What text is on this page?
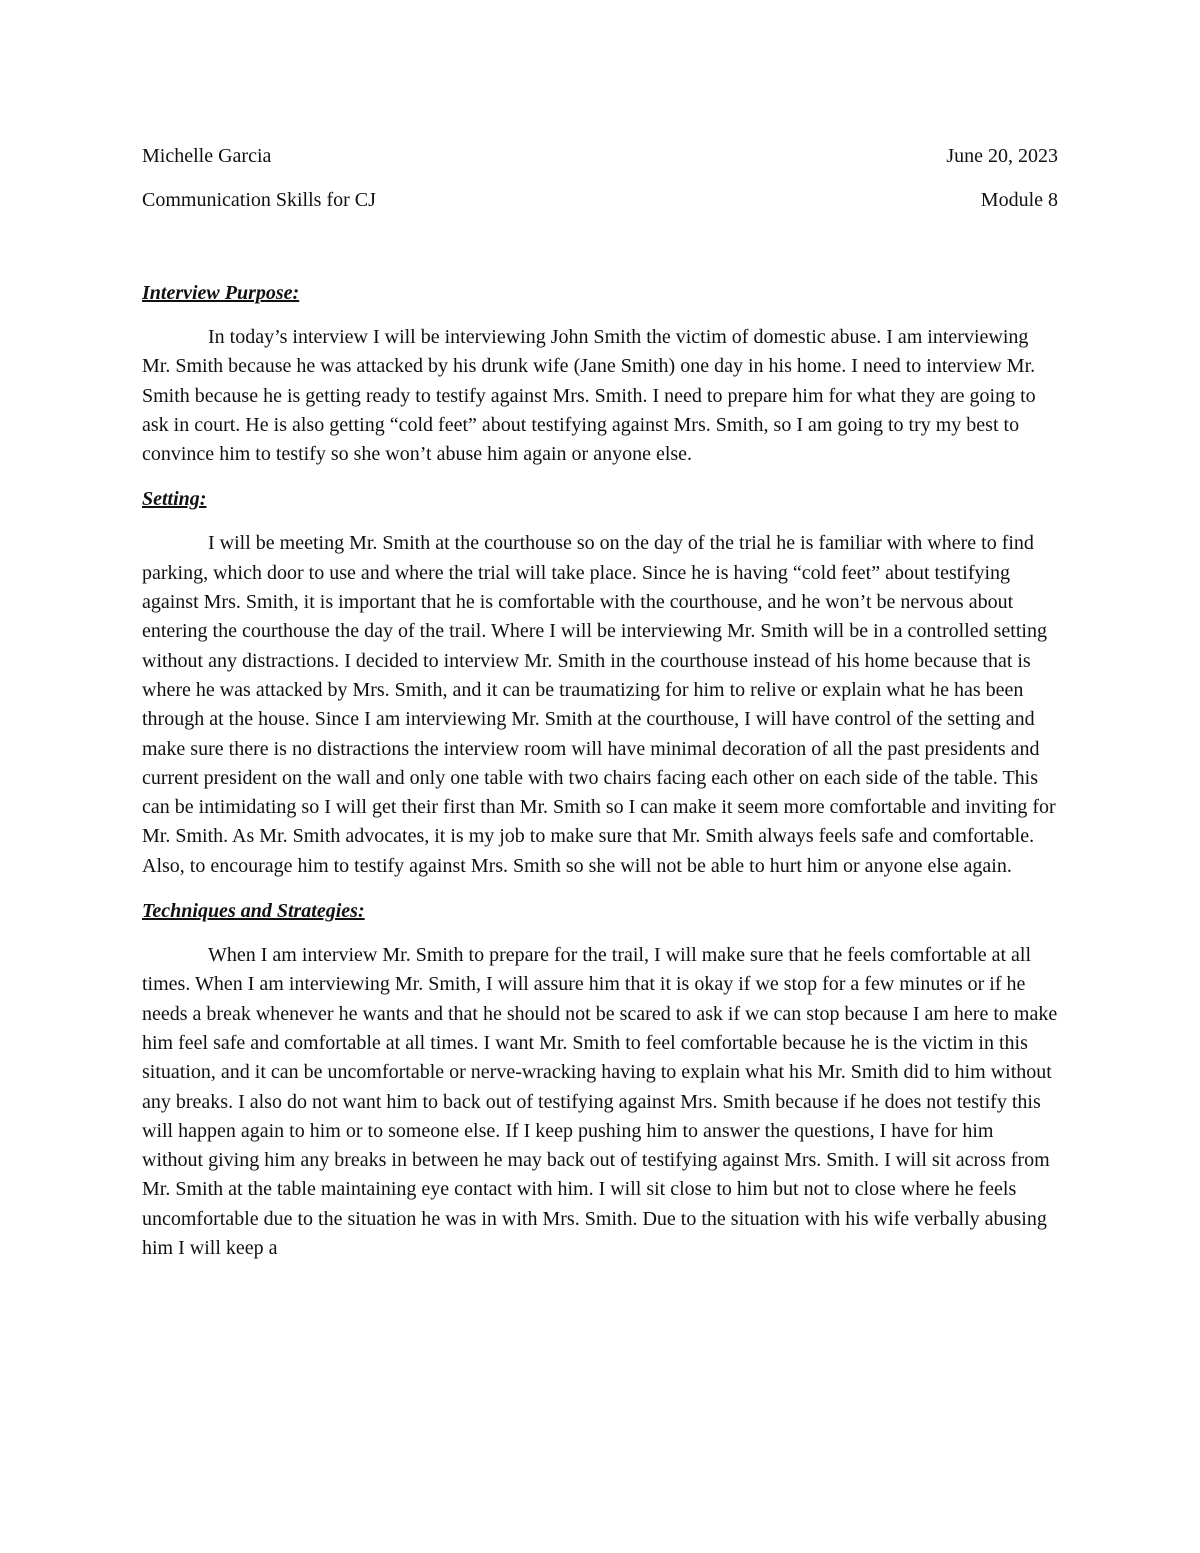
Michelle Garcia	June 20, 2023
Communication Skills for CJ	Module 8

Interview Purpose:

In today’s interview I will be interviewing John Smith the victim of domestic abuse. I am interviewing Mr. Smith because he was attacked by his drunk wife (Jane Smith) one day in his home. I need to interview Mr. Smith because he is getting ready to testify against Mrs. Smith. I need to prepare him for what they are going to ask in court. He is also getting “cold feet” about testifying against Mrs. Smith, so I am going to try my best to convince him to testify so she won’t abuse him again or anyone else.

Setting:

I will be meeting Mr. Smith at the courthouse so on the day of the trial he is familiar with where to find parking, which door to use and where the trial will take place. Since he is having “cold feet” about testifying against Mrs. Smith, it is important that he is comfortable with the courthouse, and he won’t be nervous about entering the courthouse the day of the trail. Where I will be interviewing Mr. Smith will be in a controlled setting without any distractions. I decided to interview Mr. Smith in the courthouse instead of his home because that is where he was attacked by Mrs. Smith, and it can be traumatizing for him to relive or explain what he has been through at the house. Since I am interviewing Mr. Smith at the courthouse, I will have control of the setting and make sure there is no distractions the interview room will have minimal decoration of all the past presidents and current president on the wall and only one table with two chairs facing each other on each side of the table. This can be intimidating so I will get their first than Mr. Smith so I can make it seem more comfortable and inviting for Mr. Smith. As Mr. Smith advocates, it is my job to make sure that Mr. Smith always feels safe and comfortable. Also, to encourage him to testify against Mrs. Smith so she will not be able to hurt him or anyone else again.

Techniques and Strategies:

When I am interview Mr. Smith to prepare for the trail, I will make sure that he feels comfortable at all times. When I am interviewing Mr. Smith, I will assure him that it is okay if we stop for a few minutes or if he needs a break whenever he wants and that he should not be scared to ask if we can stop because I am here to make him feel safe and comfortable at all times. I want Mr. Smith to feel comfortable because he is the victim in this situation, and it can be uncomfortable or nerve-wracking having to explain what his Mr. Smith did to him without any breaks. I also do not want him to back out of testifying against Mrs. Smith because if he does not testify this will happen again to him or to someone else. If I keep pushing him to answer the questions, I have for him without giving him any breaks in between he may back out of testifying against Mrs. Smith. I will sit across from Mr. Smith at the table maintaining eye contact with him. I will sit close to him but not to close where he feels uncomfortable due to the situation he was in with Mrs. Smith. Due to the situation with his wife verbally abusing him I will keep a
